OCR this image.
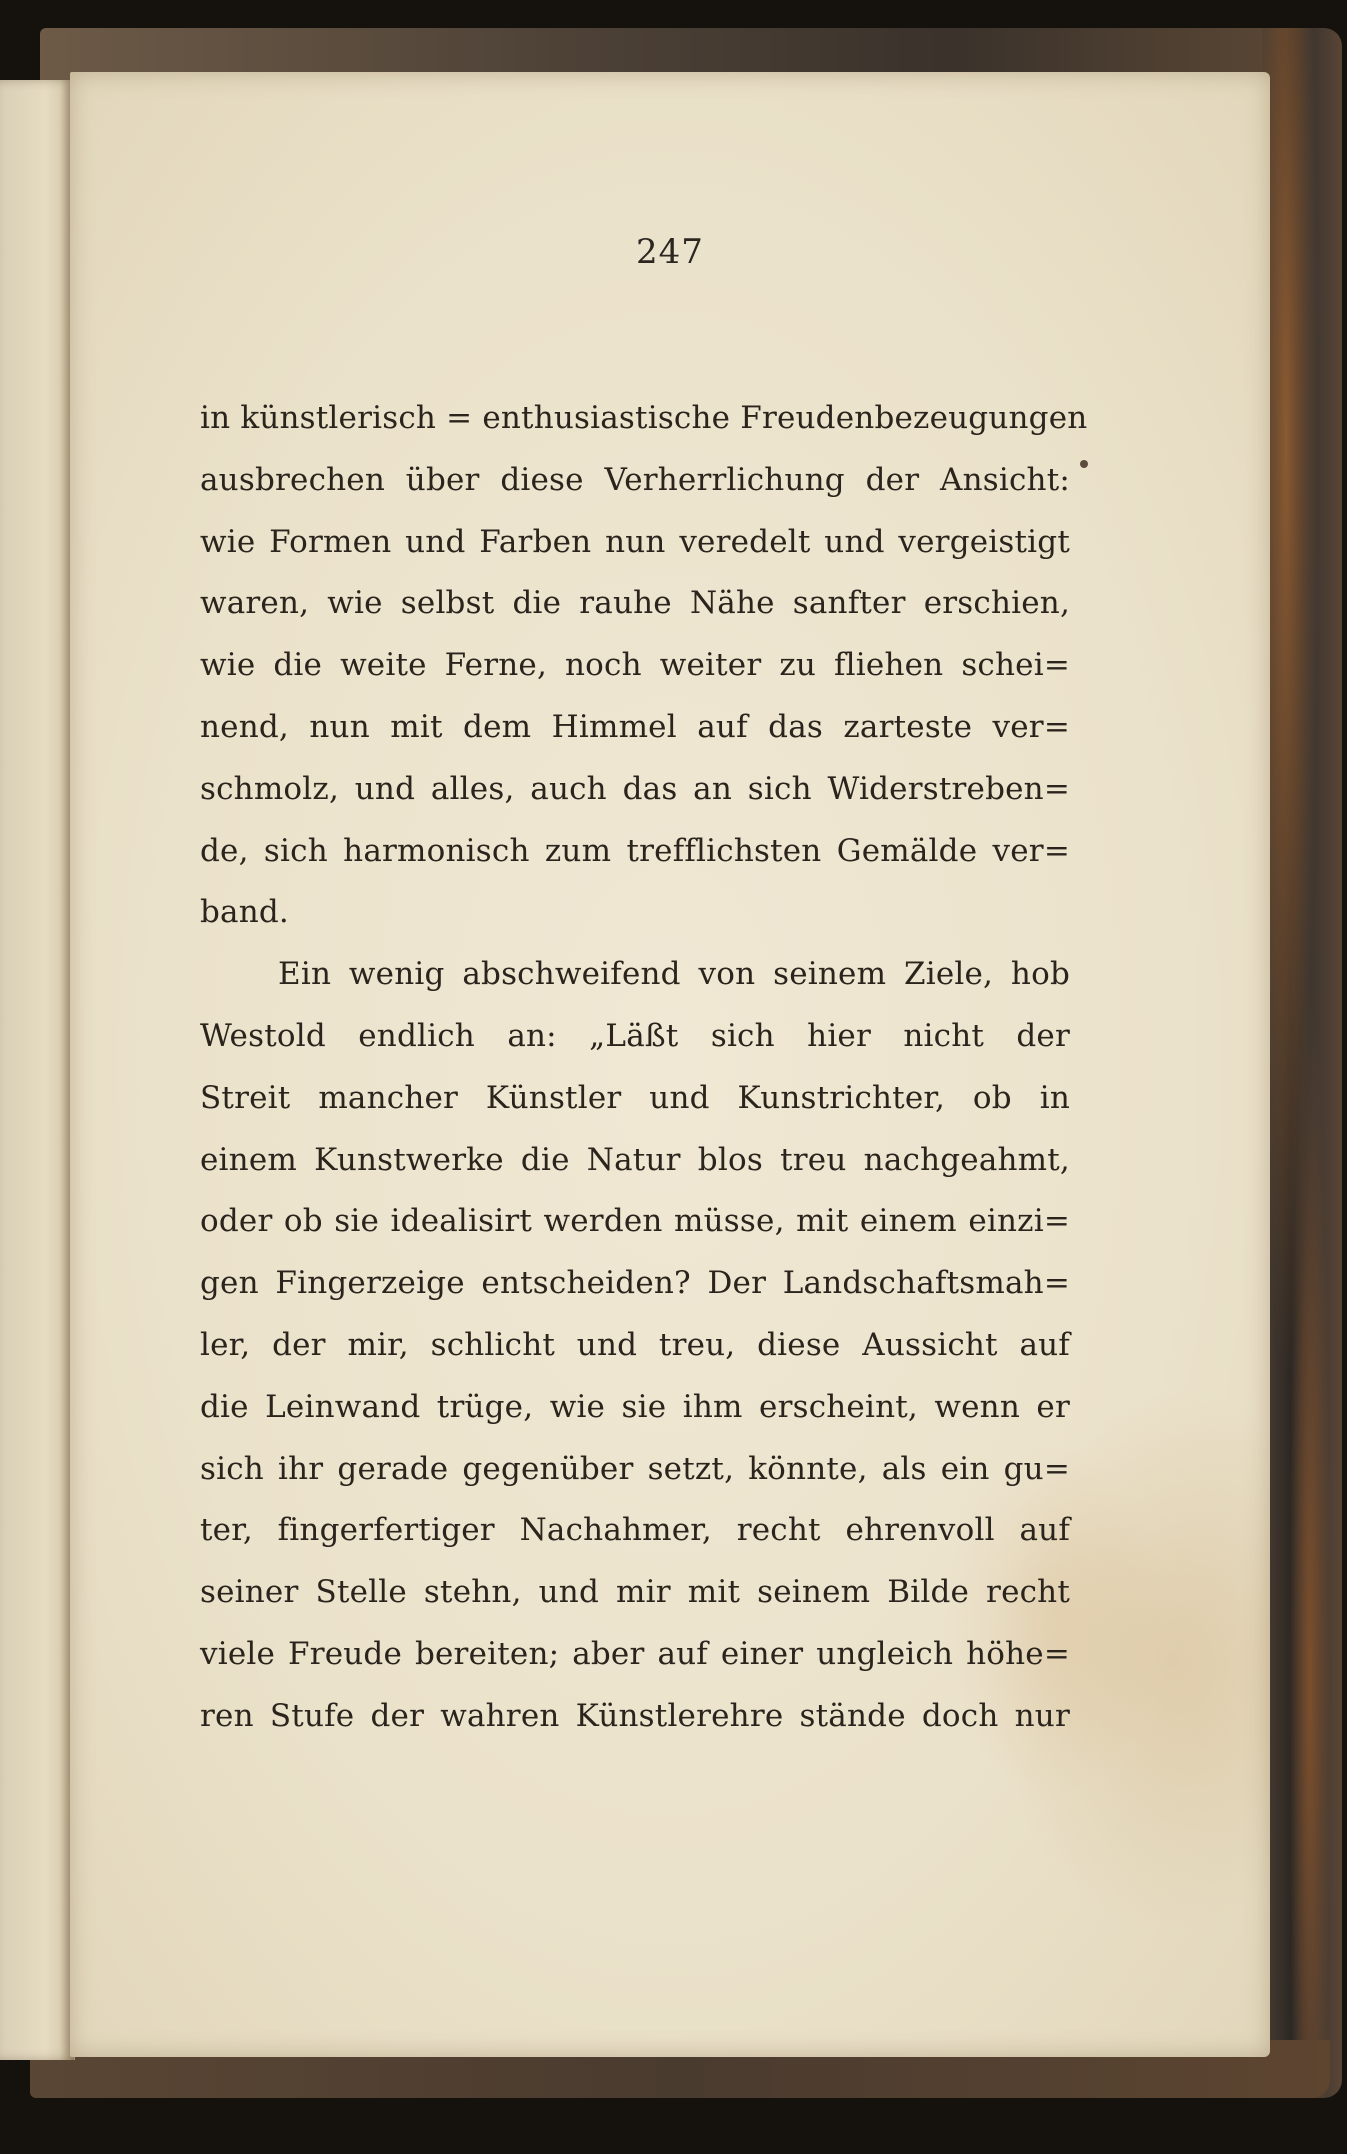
247
in künstlerisch = enthusiastische Freudenbezeugungen
ausbrechen über diese Verherrlichung der Ansicht:
wie Formen und Farben nun veredelt und vergeistigt
waren, wie selbst die rauhe Nähe sanfter erschien,
wie die weite Ferne, noch weiter zu fliehen schei=
nend, nun mit dem Himmel auf das zarteste ver=
schmolz, und alles, auch das an sich Widerstreben=
de, sich harmonisch zum trefflichsten Gemälde ver=
band.
Ein wenig abschweifend von seinem Ziele, hob
Westold endlich an: „Läßt sich hier nicht der
Streit mancher Künstler und Kunstrichter, ob in
einem Kunstwerke die Natur blos treu nachgeahmt,
oder ob sie idealisirt werden müsse, mit einem einzi=
gen Fingerzeige entscheiden? Der Landschaftsmah=
ler, der mir, schlicht und treu, diese Aussicht auf
die Leinwand trüge, wie sie ihm erscheint, wenn er
sich ihr gerade gegenüber setzt, könnte, als ein gu=
ter, fingerfertiger Nachahmer, recht ehrenvoll auf
seiner Stelle stehn, und mir mit seinem Bilde recht
viele Freude bereiten; aber auf einer ungleich höhe=
ren Stufe der wahren Künstlerehre stände doch nur
